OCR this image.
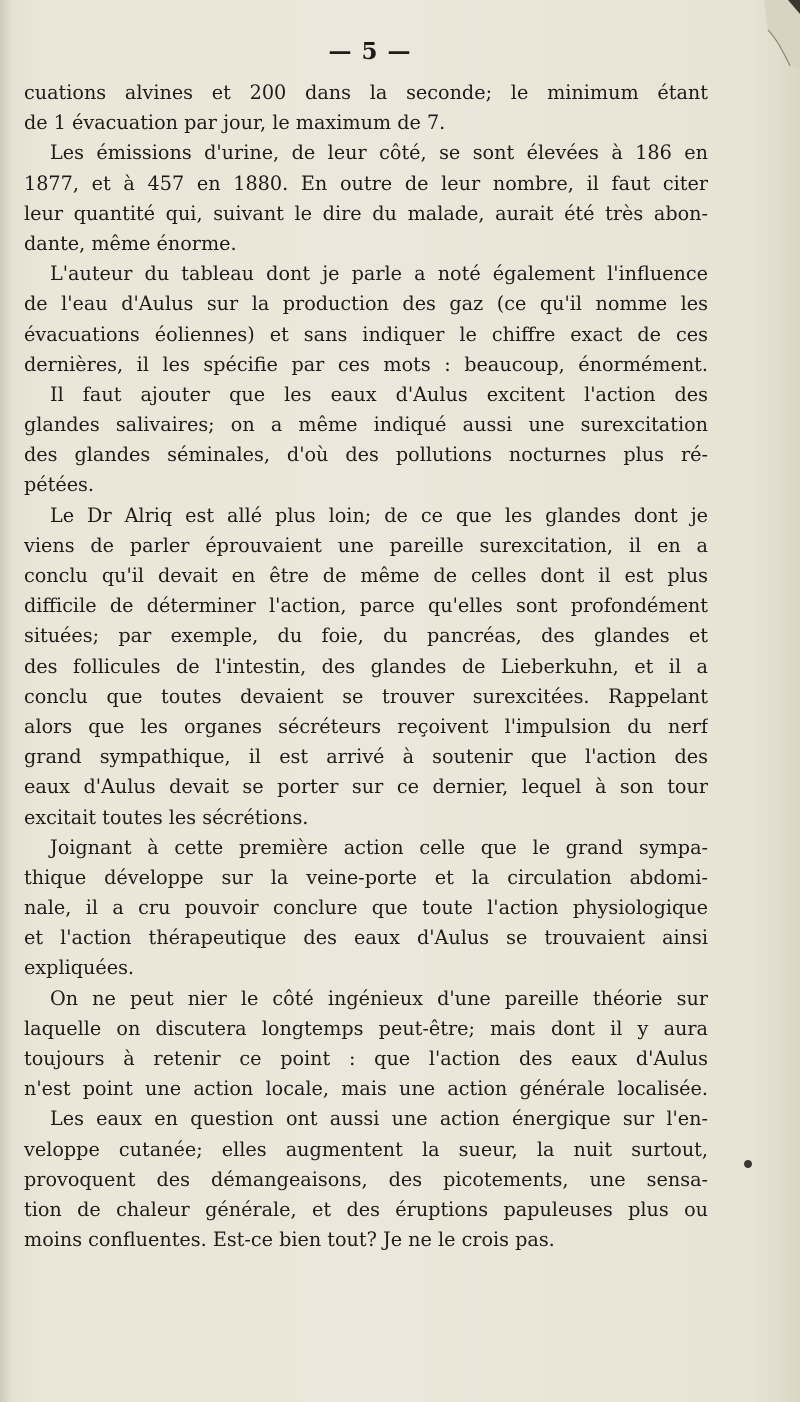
— 5 —
cuations alvines et 200 dans la seconde; le minimum étant
de 1 évacuation par jour, le maximum de 7.
Les émissions d'urine, de leur côté, se sont élevées à 186 en
1877, et à 457 en 1880. En outre de leur nombre, il faut citer
leur quantité qui, suivant le dire du malade, aurait été très abon-
dante, même énorme.
L'auteur du tableau dont je parle a noté également l'influence
de l'eau d'Aulus sur la production des gaz (ce qu'il nomme les
évacuations éoliennes) et sans indiquer le chiffre exact de ces
dernières, il les spécifie par ces mots : beaucoup, énormément.
Il faut ajouter que les eaux d'Aulus excitent l'action des
glandes salivaires; on a même indiqué aussi une surexcitation
des glandes séminales, d'où des pollutions nocturnes plus ré-
pétées.
Le Dr Alriq est allé plus loin; de ce que les glandes dont je
viens de parler éprouvaient une pareille surexcitation, il en a
conclu qu'il devait en être de même de celles dont il est plus
difficile de déterminer l'action, parce qu'elles sont profondément
situées; par exemple, du foie, du pancréas, des glandes et
des follicules de l'intestin, des glandes de Lieberkuhn, et il a
conclu que toutes devaient se trouver surexcitées. Rappelant
alors que les organes sécréteurs reçoivent l'impulsion du nerf
grand sympathique, il est arrivé à soutenir que l'action des
eaux d'Aulus devait se porter sur ce dernier, lequel à son tour
excitait toutes les sécrétions.
Joignant à cette première action celle que le grand sympa-
thique développe sur la veine-porte et la circulation abdomi-
nale, il a cru pouvoir conclure que toute l'action physiologique
et l'action thérapeutique des eaux d'Aulus se trouvaient ainsi
expliquées.
On ne peut nier le côté ingénieux d'une pareille théorie sur
laquelle on discutera longtemps peut-être; mais dont il y aura
toujours à retenir ce point : que l'action des eaux d'Aulus
n'est point une action locale, mais une action générale localisée.
Les eaux en question ont aussi une action énergique sur l'en-
veloppe cutanée; elles augmentent la sueur, la nuit surtout,
provoquent des démangeaisons, des picotements, une sensa-
tion de chaleur générale, et des éruptions papuleuses plus ou
moins confluentes. Est-ce bien tout? Je ne le crois pas.
